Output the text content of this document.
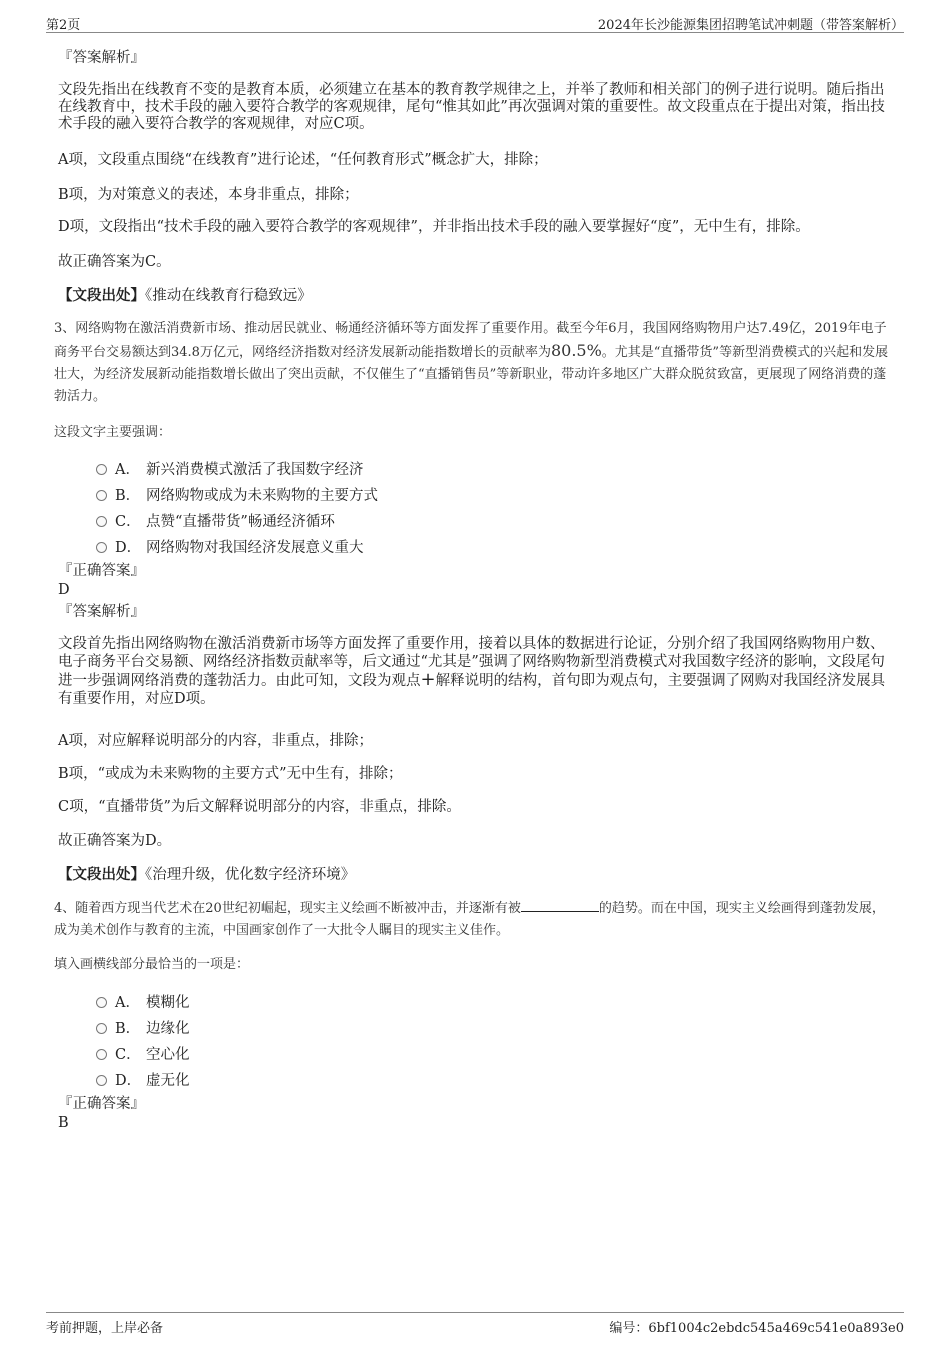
第2页	2024年长沙能源集团招聘笔试冲刺题（带答案解析）
『答案解析』
文段先指出在线教育不变的是教育本质，必须建立在基本的教育教学规律之上，并举了教师和相关部门的例子进行说明。随后指出在线教育中，技术手段的融入要符合教学的客观规律，尾句“惟其如此”再次强调对策的重要性。故文段重点在于提出对策，指出技术手段的融入要符合教学的客观规律，对应C项。
A项，文段重点围绕“在线教育”进行论述，“任何教育形式”概念扩大，排除；
B项，为对策意义的表述，本身非重点，排除；
D项，文段指出“技术手段的融入要符合教学的客观规律”，并非指出技术手段的融入要掌握好“度”，无中生有，排除。
故正确答案为C。
【文段出处】《推动在线教育行稳致远》
3、网络购物在激活消费新市场、推动居民就业、畅通经济循环等方面发挥了重要作用。截至今年6月，我国网络购物用户达7.49亿，2019年电子商务平台交易额达到34.8万亿元，网络经济指数对经济发展新动能指数增长的贡献率为80.5%。尤其是“直播带货”等新型消费模式的兴起和发展壮大，为经济发展新动能指数增长做出了突出贡献，不仅催生了“直播销售员”等新职业，带动许多地区广大群众脱贫致富，更展现了网络消费的蓬勃活力。
这段文字主要强调：
A． 新兴消费模式激活了我国数字经济
B． 网络购物或成为未来购物的主要方式
C． 点赞“直播带货”畅通经济循环
D． 网络购物对我国经济发展意义重大
『正确答案』
D
『答案解析』
文段首先指出网络购物在激活消费新市场等方面发挥了重要作用，接着以具体的数据进行论证，分别介绍了我国网络购物用户数、电子商务平台交易额、网络经济指数贡献率等，后文通过“尤其是”强调了网络购物新型消费模式对我国数字经济的影响，文段尾句进一步强调网络消费的蓬勃活力。由此可知，文段为观点+解释说明的结构，首句即为观点句，主要强调了网购对我国经济发展具有重要作用，对应D项。
A项，对应解释说明部分的内容，非重点，排除；
B项，“或成为未来购物的主要方式”无中生有，排除；
C项，“直播带货”为后文解释说明部分的内容，非重点，排除。
故正确答案为D。
【文段出处】《治理升级，优化数字经济环境》
4、随着西方现当代艺术在20世纪初崛起，现实主义绘画不断被冲击，并逐渐有被	的趋势。而在中国，现实主义绘画得到蓬勃发展，成为美术创作与教育的主流，中国画家创作了一大批令人瞩目的现实主义佳作。
填入画横线部分最恰当的一项是：
A． 模糊化
B． 边缘化
C． 空心化
D． 虚无化
『正确答案』
B
考前押题，上岸必备	编号：6bf1004c2ebdc545a469c541e0a893e0
